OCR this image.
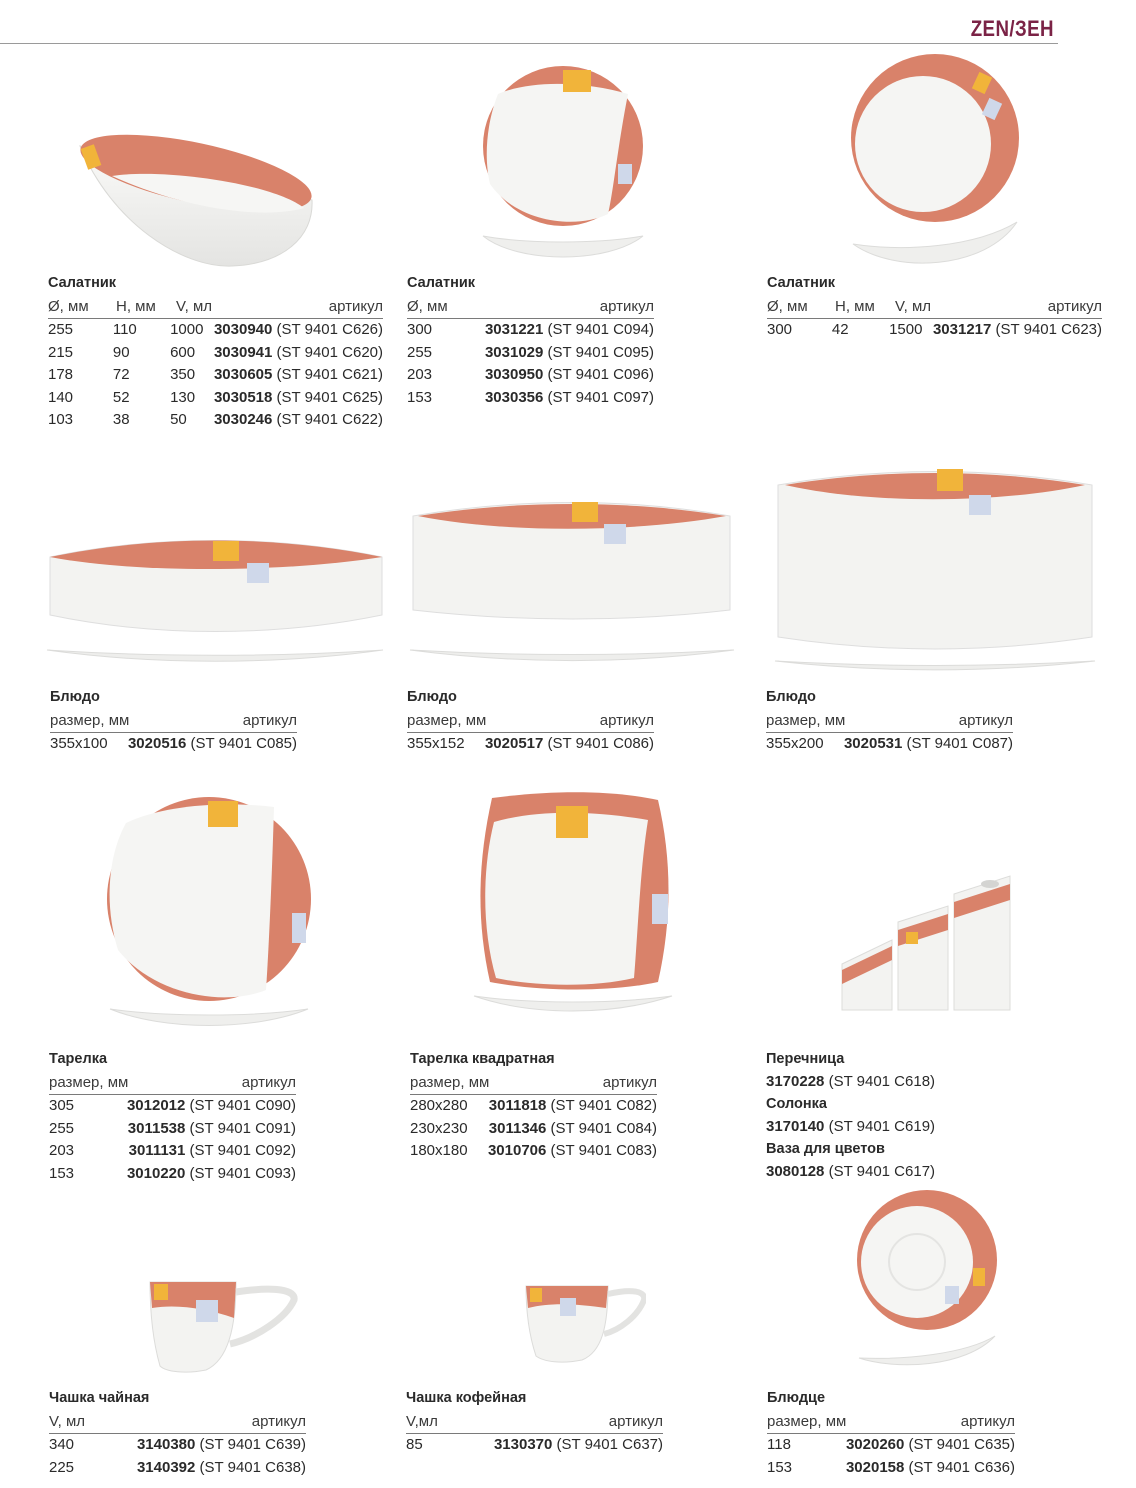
ZEN/ЗЕН
Салатник
Ø, мм	H, мм	V, мл	артикул
255	110	1000 3030940 (ST 9401 C626)
215	90	600	3030941 (ST 9401 C620)
178	72	350	3030605 (ST 9401 C621)
140	52	130	3030518 (ST 9401 C625)
103	38	50	3030246 (ST 9401 C622)
Салатник
Ø, мм	артикул
300	3031221 (ST 9401 C094)
255	3031029 (ST 9401 C095)
203	3030950 (ST 9401 C096)
153	3030356 (ST 9401 C097)
Салатник
Ø, мм	H, мм	V, мл	артикул
300	42	1500 3031217 (ST 9401 C623)
Блюдо
размер, мм	артикул
355x100 3020516 (ST 9401 C085)
Блюдо
размер, мм	артикул
355x152 3020517 (ST 9401 C086)
Блюдо
размер, мм	артикул
355x200 3020531 (ST 9401 C087)
Тарелка
размер, мм	артикул
305	3012012 (ST 9401 C090)
255	3011538 (ST 9401 C091)
203	3011131 (ST 9401 C092)
153	3010220 (ST 9401 C093)
Тарелка квадратная
размер, мм	артикул
280x280 3011818 (ST 9401 C082)
230x230 3011346 (ST 9401 C084)
180x180 3010706 (ST 9401 C083)
Перечница
3170228 (ST 9401 C618)
Солонка
3170140 (ST 9401 C619)
Ваза для цветов
3080128 (ST 9401 C617)
Чашка чайная
V, мл	артикул
340	3140380 (ST 9401 C639)
225	3140392 (ST 9401 C638)
Чашка кофейная
V,мл	артикул
85	3130370 (ST 9401 C637)
Блюдце
размер, мм	артикул
118	3020260 (ST 9401 C635)
153	3020158 (ST 9401 C636)
